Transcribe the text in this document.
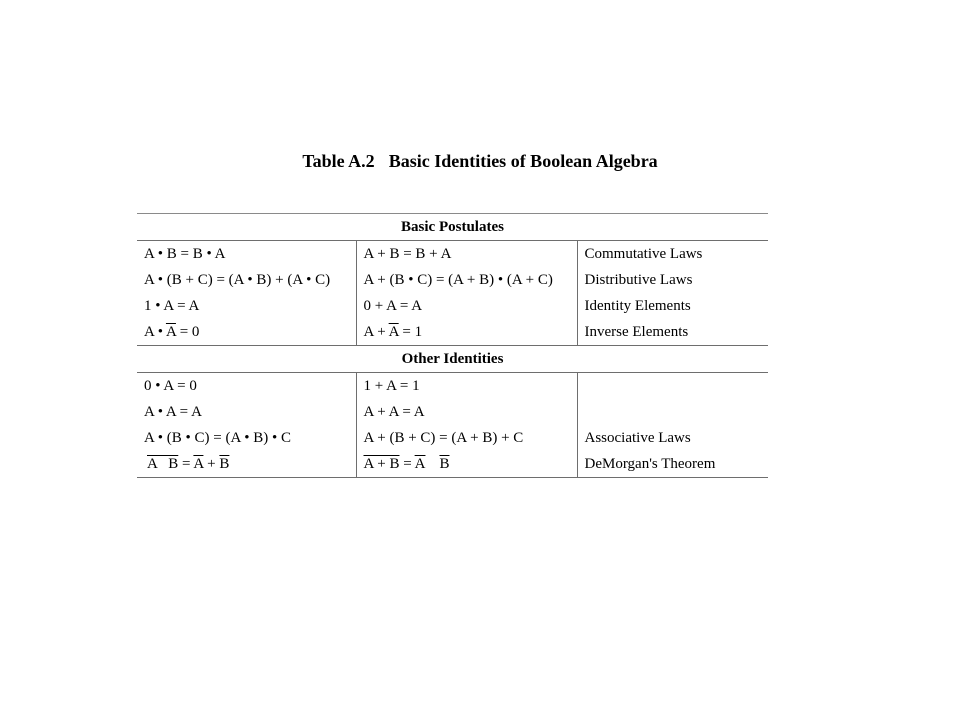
Table A.2 Basic Identities of Boolean Algebra
Basic Postulates		
A • B = B • A	A + B = B + A	Commutative Laws
A • (B + C) = (A • B) + (A • C)	A + (B • C) = (A + B) • (A + C)	Distributive Laws
1 • A = A	0 + A = A	Identity Elements
A • $\overline{A} = 0$	$A + \overline{A} = 1$	Inverse Elements
Other Identities		
0 • A = 0	1 + A = 1	
A • A = A	A + A = A	
A • (B • C) = (A • B) • C	A + (B + C) = (A + B) + C	Associative Laws
A   $B = \overline{A} + \overline{B}$	$A + B = \overline{A}$ $\overline{B}$	DeMorgan's Theorem
